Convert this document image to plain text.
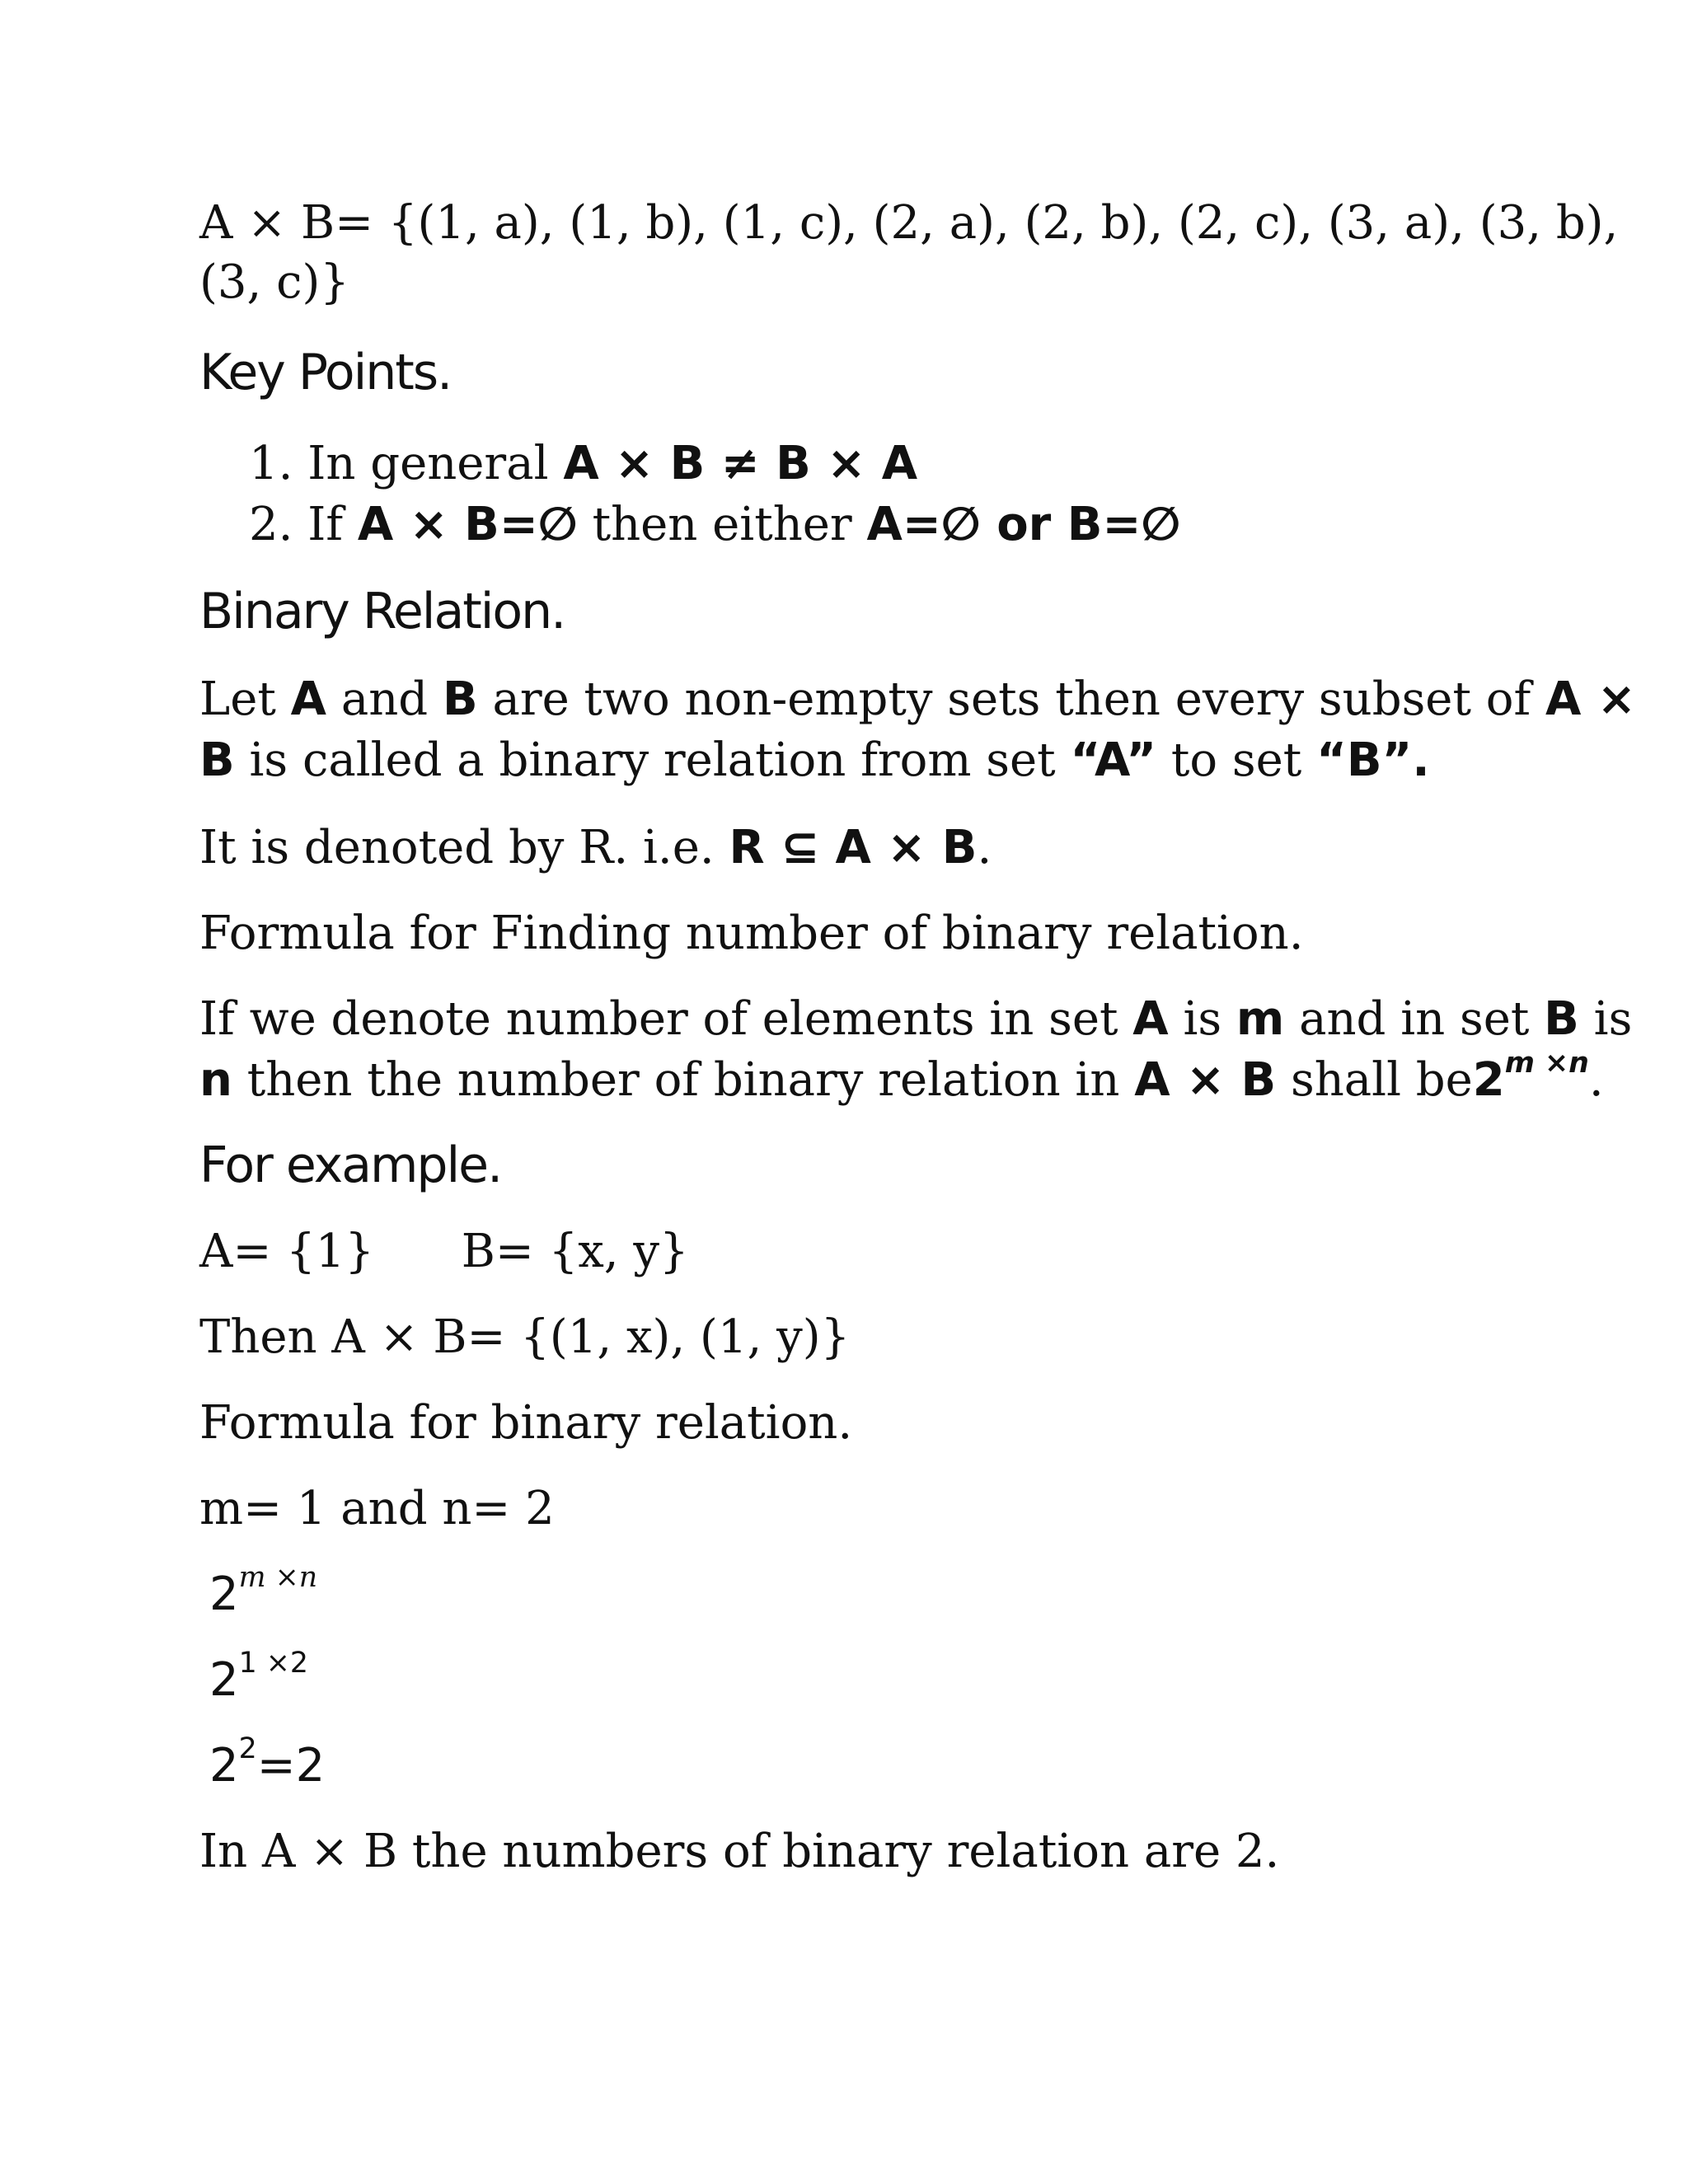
A × B= {(1, a), (1, b), (1, c), (2, a), (2, b), (2, c), (3, a), (3, b),
(3, c)}
Key Points.
1. In general A × B ≠ B × A
2. If A × B=∅ then either A=∅ or B=∅
Binary Relation.
Let A and B are two non-empty sets then every subset of A ×
B is called a binary relation from set “A” to set “B”.
It is denoted by R. i.e. R ⊆ A × B.
Formula for Finding number of binary relation.
If we denote number of elements in set A is m and in set B is
n then the number of binary relation in A × B shall $be2^{m \times n}$.
For example.
A= {1} B= {x, y}
Then A × B= {(1, x), (1, y)}
Formula for binary relation.
m= 1 and n= 2
$2^{m \times n}$
$2^{1 \times 2}$
$2^2=2$
In A × B the numbers of binary relation are 2.
